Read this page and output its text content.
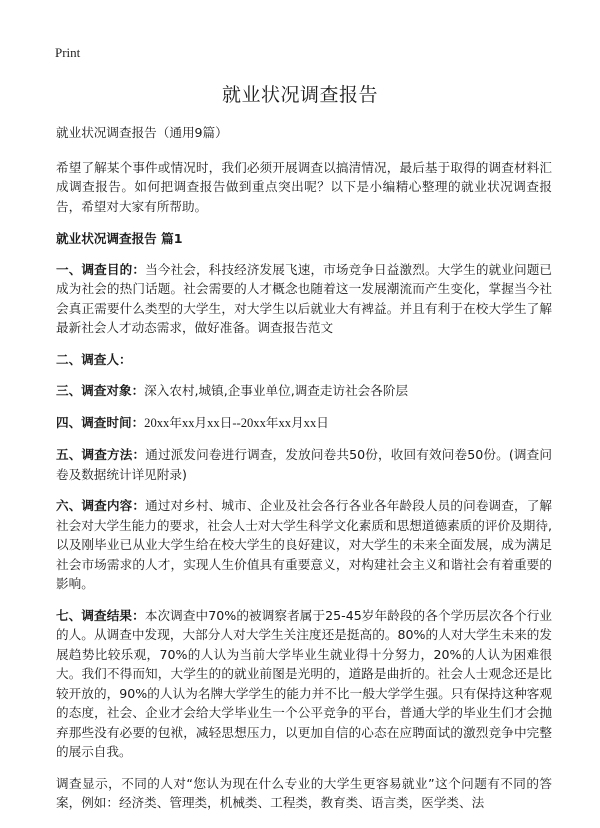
Print
就业状况调查报告

就业状况调查报告（通用9篇）

希望了解某个事件或情况时，我们必须开展调查以搞清情况，最后基于取得的调查材料汇成调查报告。如何把调查报告做到重点突出呢？以下是小编精心整理的就业状况调查报告，希望对大家有所帮助。

就业状况调查报告 篇1

一、调查目的：当今社会，科技经济发展飞速，市场竞争日益激烈。大学生的就业问题已成为社会的热门话题。社会需要的人才概念也随着这一发展潮流而产生变化，掌握当今社会真正需要什么类型的大学生，对大学生以后就业大有裨益。并且有利于在校大学生了解最新社会人才动态需求，做好准备。调查报告范文

二、调查人：

三、调查对象：深入农村,城镇,企事业单位,调查走访社会各阶层

四、调查时间：20xx年xx月xx日--20xx年xx月xx日

五、调查方法：通过派发问卷进行调查，发放问卷共50份，收回有效问卷50份。(调查问卷及数据统计详见附录)

六、调查内容：通过对乡村、城市、企业及社会各行各业各年龄段人员的问卷调查，了解社会对大学生能力的要求，社会人士对大学生科学文化素质和思想道德素质的评价及期待,以及刚毕业已从业大学生给在校大学生的良好建议，对大学生的未来全面发展，成为满足社会市场需求的人才，实现人生价值具有重要意义，对构建社会主义和谐社会有着重要的影响。

七、调查结果：本次调查中70%的被调察者属于25-45岁年龄段的各个学历层次各个行业的人。从调查中发现，大部分人对大学生关注度还是挺高的。80%的人对大学生未来的发展趋势比较乐观，70%的人认为当前大学毕业生就业得十分努力，20%的人认为困难很大。我们不得而知，大学生的的就业前图是光明的，道路是曲折的。社会人士观念还是比较开放的，90%的人认为名牌大学学生的能力并不比一般大学学生强。只有保持这种客观的态度，社会、企业才会给大学毕业生一个公平竞争的平台，普通大学的毕业生们才会抛弃那些没有必要的包袱，减轻思想压力，以更加自信的心态在应聘面试的激烈竞争中完整的展示自我。

调查显示，不同的人对“您认为现在什么专业的大学生更容易就业”这个问题有不同的答案，例如：经济类、管理类，机械类、工程类，教育类、语言类，医学类、法
